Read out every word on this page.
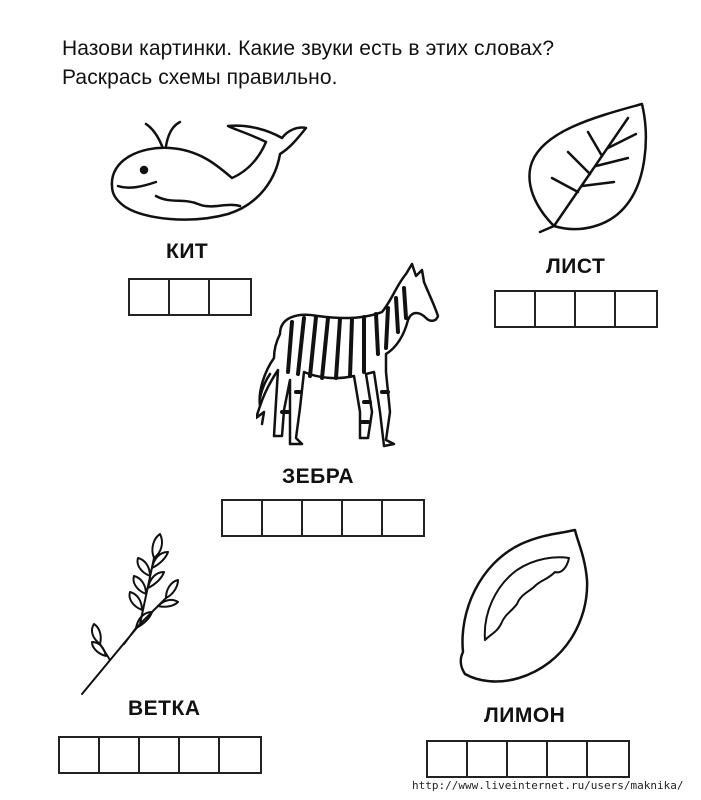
Назови картинки. Какие звуки есть в этих словах?
Раскрась схемы правильно.
КИТ
ЛИСТ
ЗЕБРА
ВЕТКА	ЛИМОН
http://www.liveinternet.ru/users/maknika/
